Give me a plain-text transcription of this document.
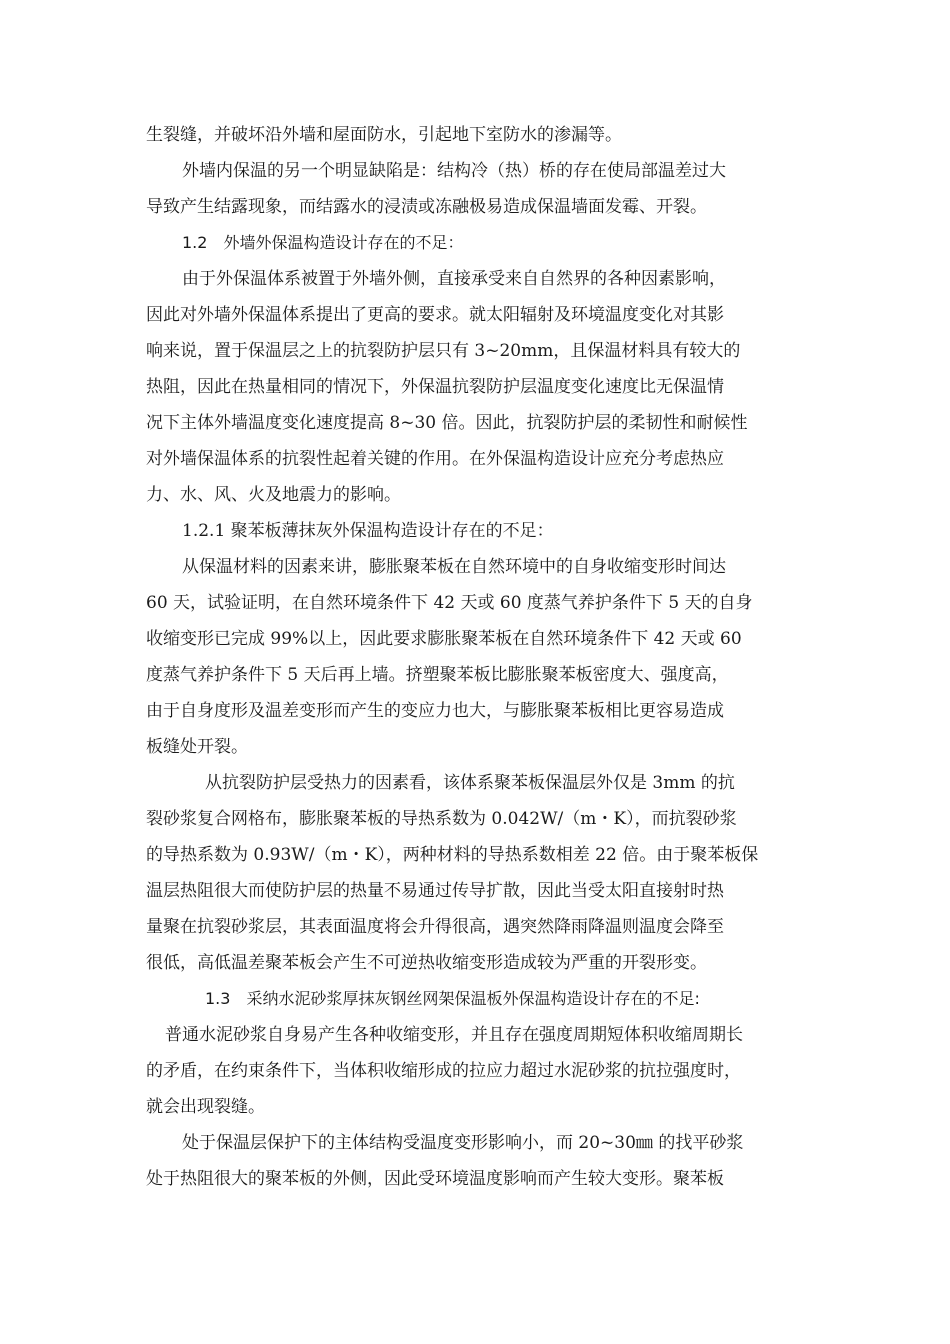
生裂缝，并破坏沿外墙和屋面防水，引起地下室防水的渗漏等。
外墙内保温的另一个明显缺陷是：结构冷（热）桥的存在使局部温差过大
导致产生结露现象，而结露水的浸渍或冻融极易造成保温墙面发霉、开裂。
1.2　外墙外保温构造设计存在的不足：
由于外保温体系被置于外墙外侧，直接承受来自自然界的各种因素影响，
因此对外墙外保温体系提出了更高的要求。就太阳辐射及环境温度变化对其影
响来说，置于保温层之上的抗裂防护层只有 3~20mm，且保温材料具有较大的
热阻，因此在热量相同的情况下，外保温抗裂防护层温度变化速度比无保温情
况下主体外墙温度变化速度提高 8~30 倍。因此，抗裂防护层的柔韧性和耐候性
对外墙保温体系的抗裂性起着关键的作用。在外保温构造设计应充分考虑热应
力、水、风、火及地震力的影响。
1.2.1 聚苯板薄抹灰外保温构造设计存在的不足：
从保温材料的因素来讲，膨胀聚苯板在自然环境中的自身收缩变形时间达
60 天，试验证明，在自然环境条件下 42 天或 60 度蒸气养护条件下 5 天的自身
收缩变形已完成 99%以上，因此要求膨胀聚苯板在自然环境条件下 42 天或 60
度蒸气养护条件下 5 天后再上墙。挤塑聚苯板比膨胀聚苯板密度大、强度高，
由于自身度形及温差变形而产生的变应力也大，与膨胀聚苯板相比更容易造成
板缝处开裂。
从抗裂防护层受热力的因素看，该体系聚苯板保温层外仅是 3mm 的抗
裂砂浆复合网格布，膨胀聚苯板的导热系数为 0.042W/（m・K），而抗裂砂浆
的导热系数为 0.93W/（m・K），两种材料的导热系数相差 22 倍。由于聚苯板保
温层热阻很大而使防护层的热量不易通过传导扩散，因此当受太阳直接射时热
量聚在抗裂砂浆层，其表面温度将会升得很高，遇突然降雨降温则温度会降至
很低，高低温差聚苯板会产生不可逆热收缩变形造成较为严重的开裂形变。
1.3　采纳水泥砂浆厚抹灰钢丝网架保温板外保温构造设计存在的不足:
普通水泥砂浆自身易产生各种收缩变形，并且存在强度周期短体积收缩周期长
的矛盾，在约束条件下，当体积收缩形成的拉应力超过水泥砂浆的抗拉强度时，
就会出现裂缝。
处于保温层保护下的主体结构受温度变形影响小，而 20~30㎜ 的找平砂浆
处于热阻很大的聚苯板的外侧，因此受环境温度影响而产生较大变形。聚苯板
